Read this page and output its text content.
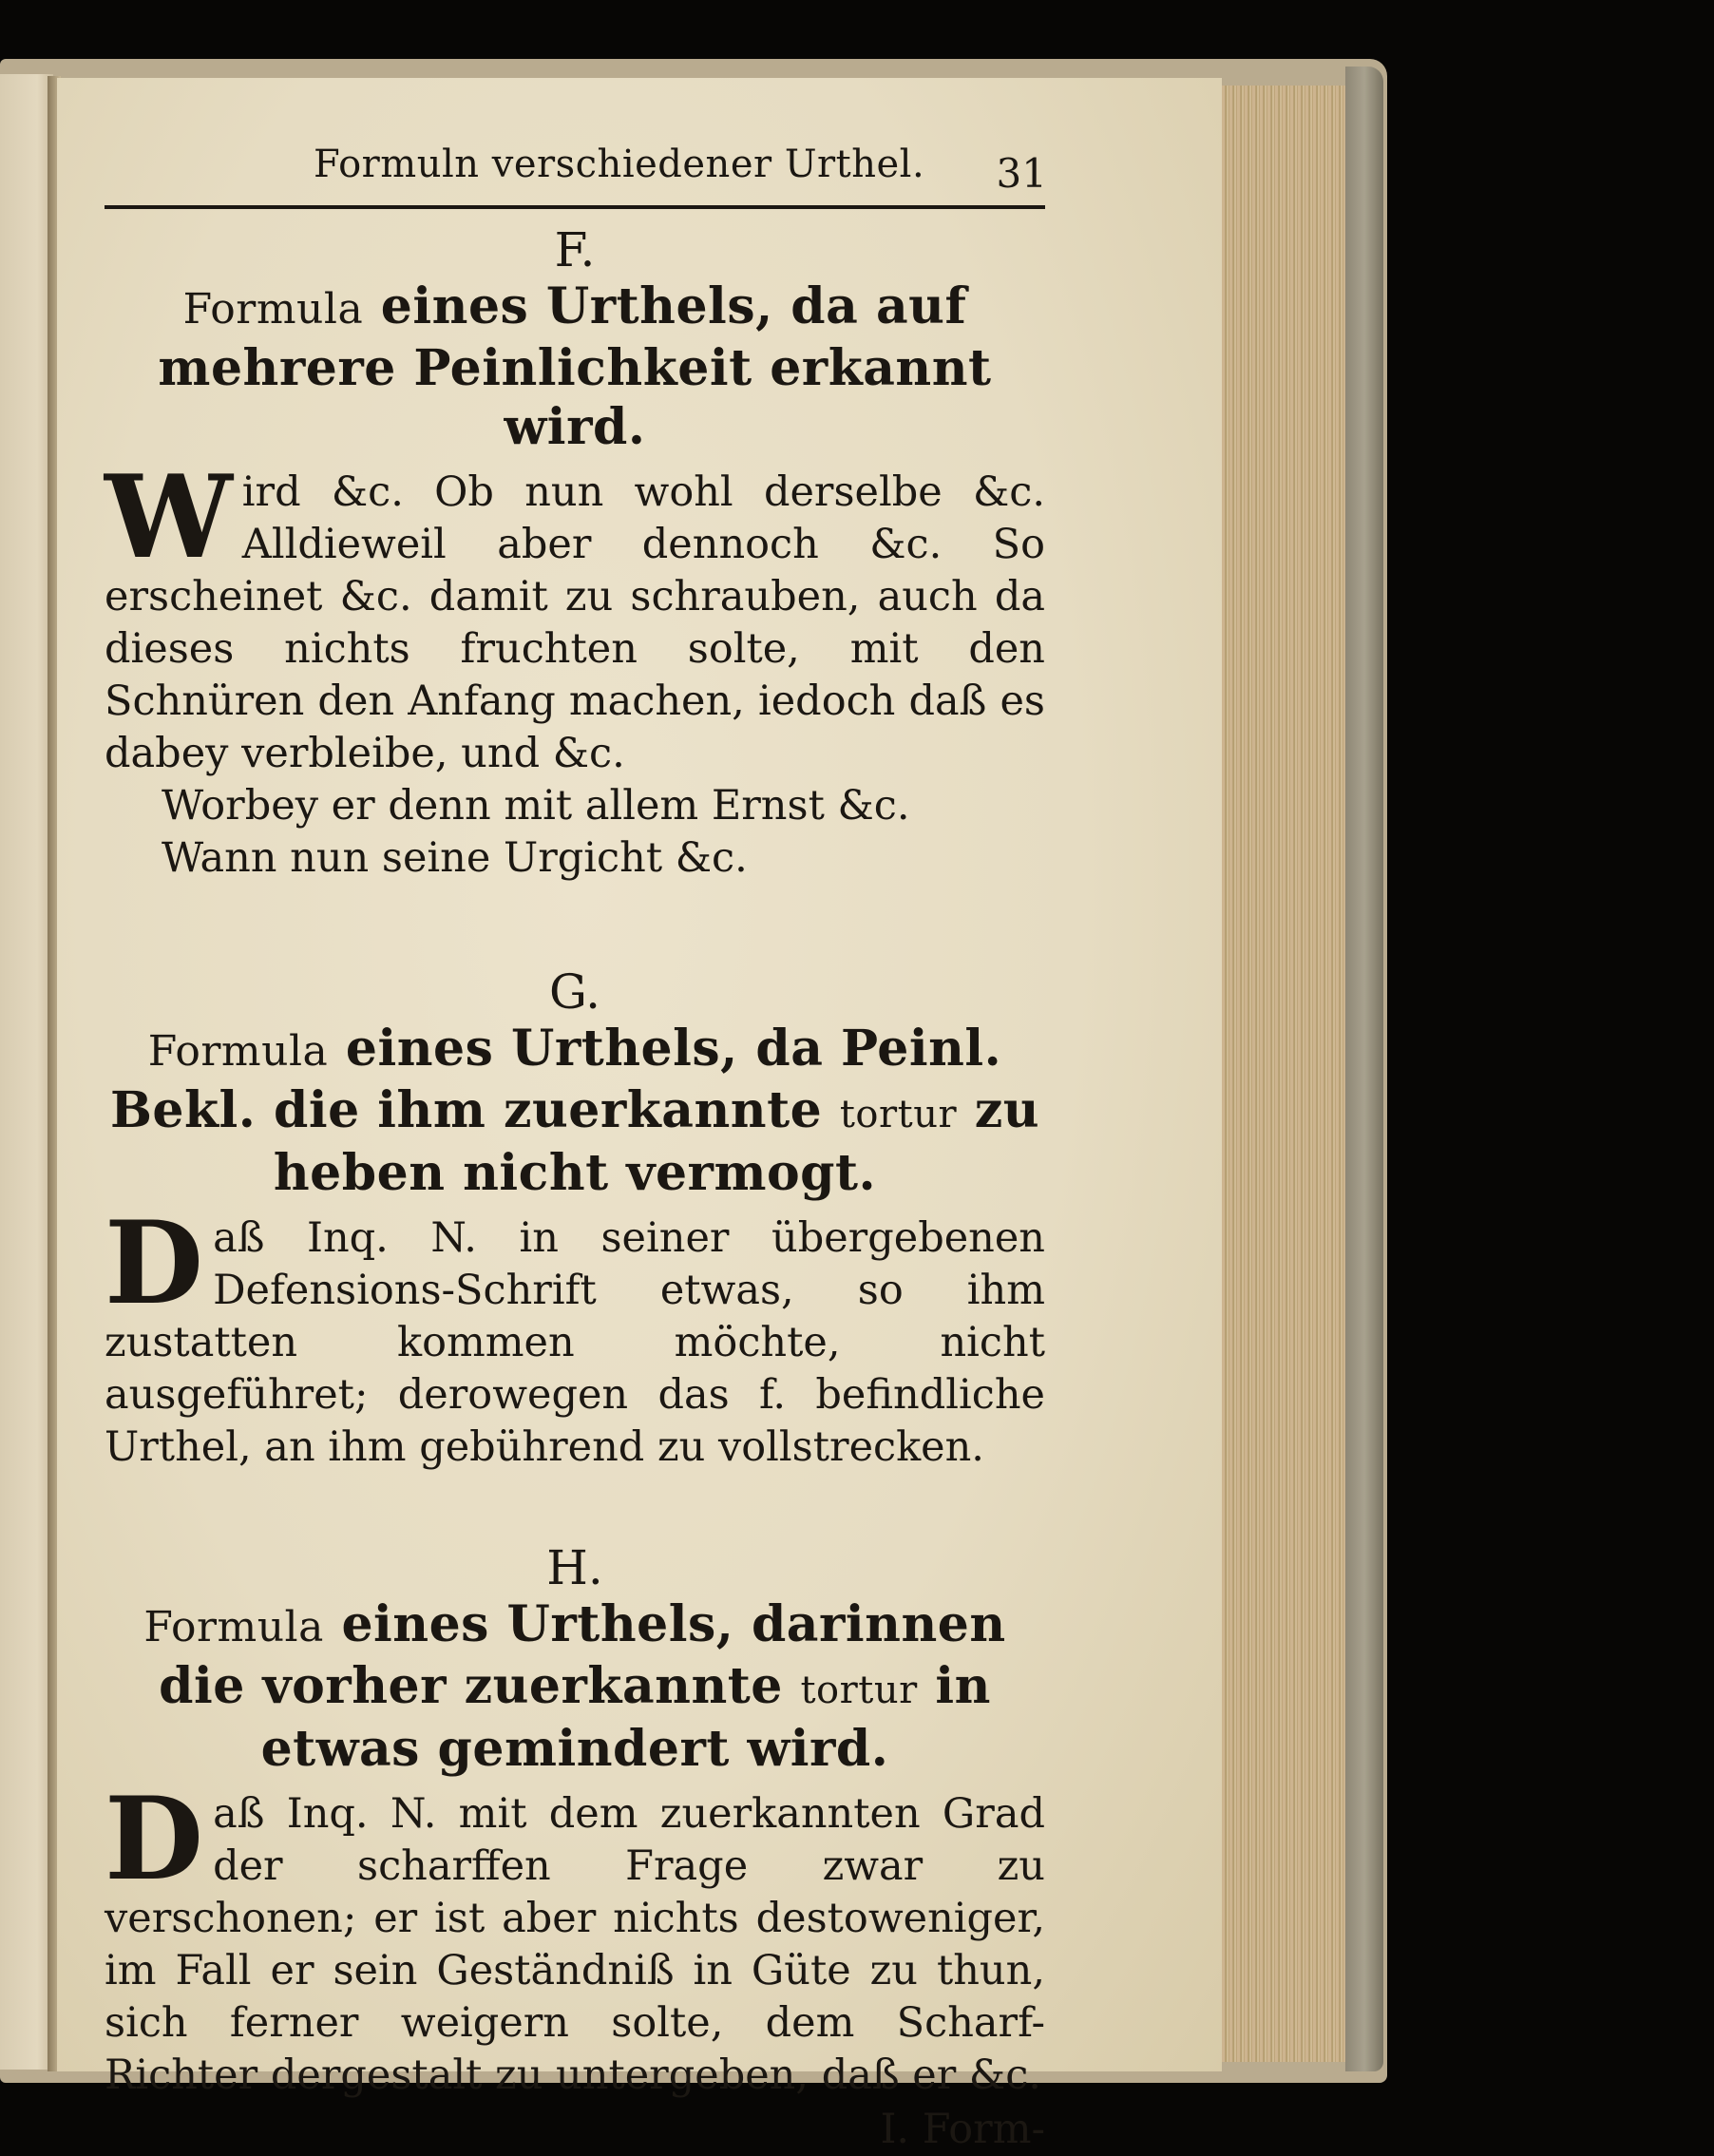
Formuln verschiedener Urthel. 31
F.
Formula eines Urthels, da auf mehrere Peinlichkeit erkannt wird.
W ird &c. Ob nun wohl derselbe &c. Alldieweil aber dennoch &c. So erscheinet &c. damit zu schrauben, auch da dieses nichts fruchten solte, mit den Schnüren den Anfang machen, iedoch daß es dabey verbleibe, und &c.
Worbey er denn mit allem Ernst &c.
Wann nun seine Urgicht &c.
G.
Formula eines Urthels, da Peinl. Bekl. die ihm zuerkannte tortur zu heben nicht vermogt.
D aß Inq. N. in seiner übergebenen Defensions-Schrift etwas, so ihm zustatten kommen möchte, nicht ausgeführet; derowegen das f. befindliche Urthel, an ihm gebührend zu vollstrecken.
H.
Formula eines Urthels, darinnen die vorher zuerkannte tortur in etwas gemindert wird.
D aß Inq. N. mit dem zuerkannten Grad der scharffen Frage zwar zu verschonen; er ist aber nichts destoweniger, im Fall er sein Geständniß in Güte zu thun, sich ferner weigern solte, dem Scharf-Richter dergestalt zu untergeben, daß er &c.
I. Form-
